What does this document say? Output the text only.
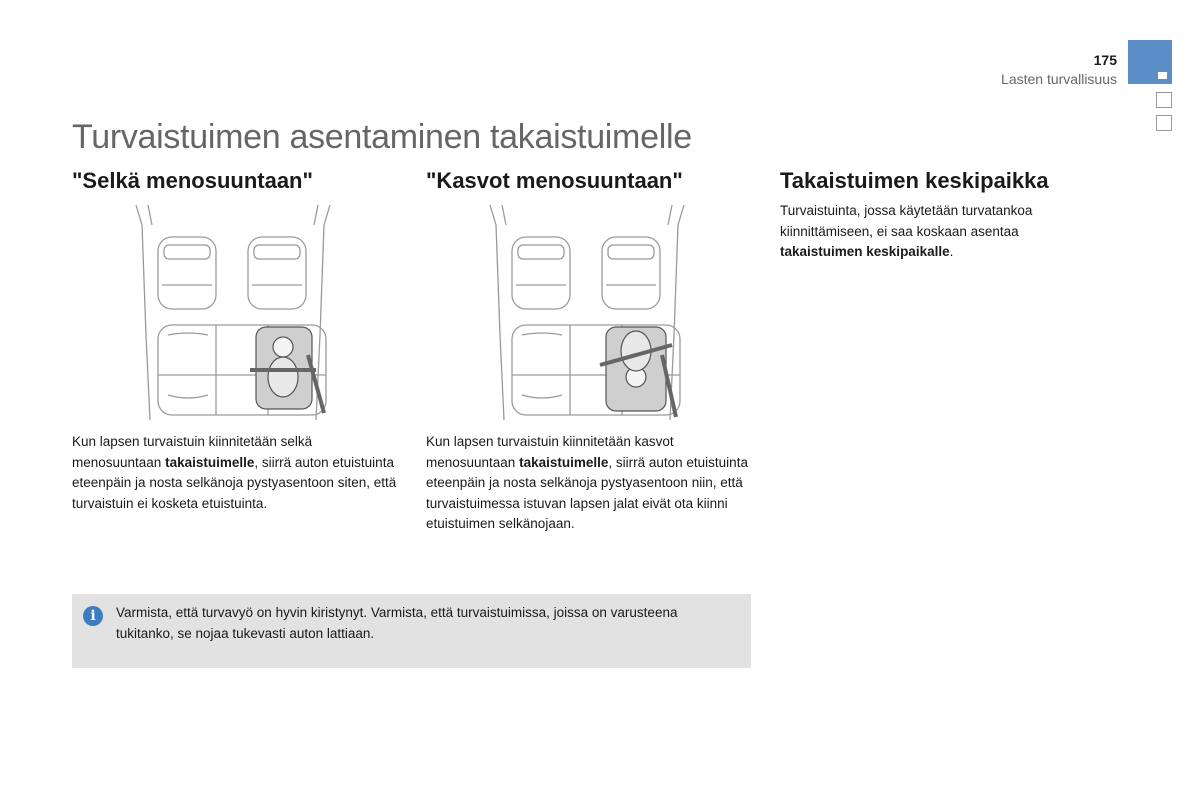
175
Lasten turvallisuus
Turvaistuimen asentaminen takaistuimelle
"Selkä menosuuntaan"	"Kasvot menosuuntaan"	Takaistuimen keskipaikka

Kun lapsen turvaistuin kiinnitetään selkä menosuuntaan takaistuimelle, siirrä auton etuistuinta eteenpäin ja nosta selkänoja pystyasentoon siten, että turvaistuin ei kosketa etuistuinta.

Kun lapsen turvaistuin kiinnitetään kasvot menosuuntaan takaistuimelle, siirrä auton etuistuinta eteenpäin ja nosta selkänoja pystyasentoon niin, että turvaistuimessa istuvan lapsen jalat eivät ota kiinni etuistuimen selkänojaan.

Turvaistuinta, jossa käytetään turvatankoa kiinnittämiseen, ei saa koskaan asentaa takaistuimen keskipaikalle.

i	Varmista, että turvavyö on hyvin kiristynyt. Varmista, että turvaistuimissa, joissa on varusteena tukitanko, se nojaa tukevasti auton lattiaan.
